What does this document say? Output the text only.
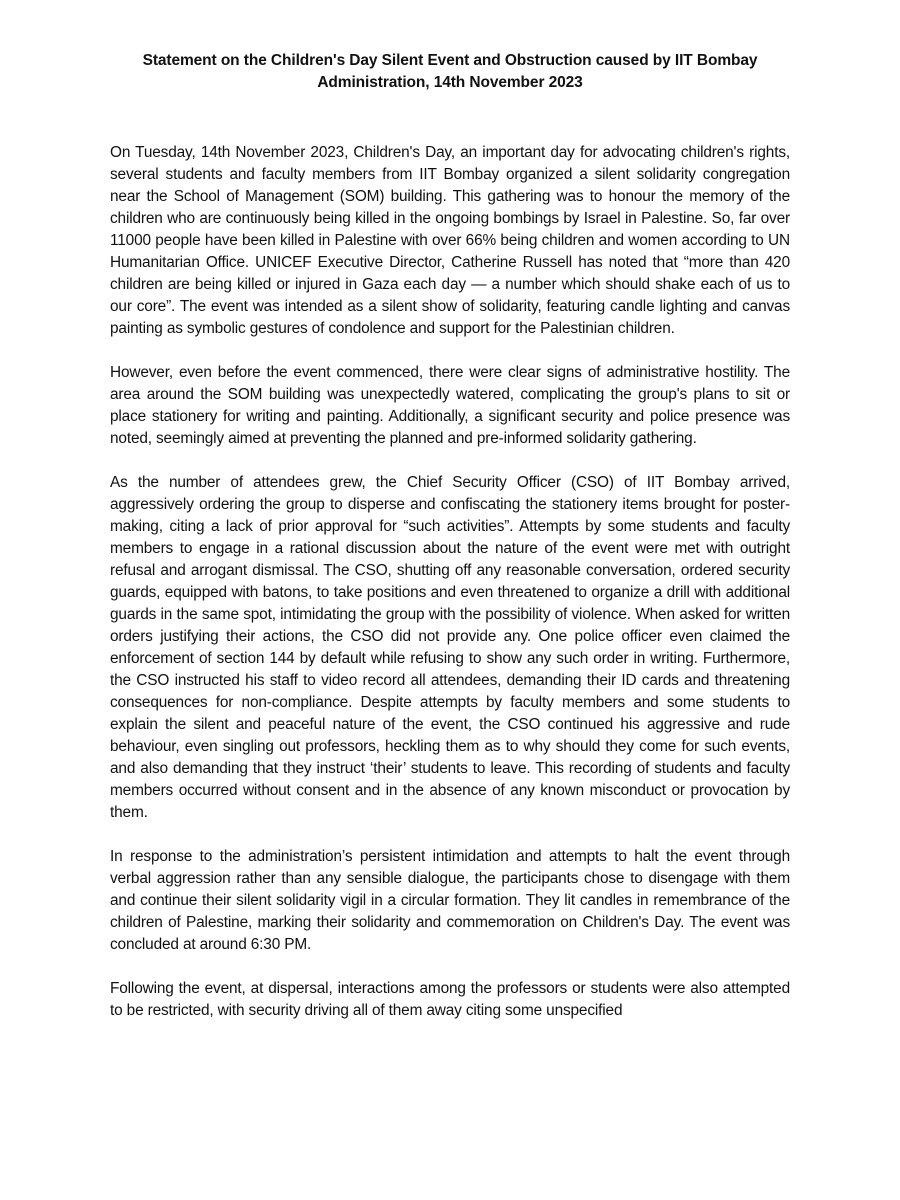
Statement on the Children's Day Silent Event and Obstruction caused by IIT Bombay
Administration, 14th November 2023

On Tuesday, 14th November 2023, Children's Day, an important day for advocating children's rights, several students and faculty members from IIT Bombay organized a silent solidarity congregation near the School of Management (SOM) building. This gathering was to honour the memory of the children who are continuously being killed in the ongoing bombings by Israel in Palestine. So, far over 11000 people have been killed in Palestine with over 66% being children and women according to UN Humanitarian Office. UNICEF Executive Director, Catherine Russell has noted that “more than 420 children are being killed or injured in Gaza each day — a number which should shake each of us to our core”. The event was intended as a silent show of solidarity, featuring candle lighting and canvas painting as symbolic gestures of condolence and support for the Palestinian children.

However, even before the event commenced, there were clear signs of administrative hostility. The area around the SOM building was unexpectedly watered, complicating the group's plans to sit or place stationery for writing and painting. Additionally, a significant security and police presence was noted, seemingly aimed at preventing the planned and pre-informed solidarity gathering.

As the number of attendees grew, the Chief Security Officer (CSO) of IIT Bombay arrived, aggressively ordering the group to disperse and confiscating the stationery items brought for poster-making, citing a lack of prior approval for “such activities”. Attempts by some students and faculty members to engage in a rational discussion about the nature of the event were met with outright refusal and arrogant dismissal. The CSO, shutting off any reasonable conversation, ordered security guards, equipped with batons, to take positions and even threatened to organize a drill with additional guards in the same spot, intimidating the group with the possibility of violence. When asked for written orders justifying their actions, the CSO did not provide any. One police officer even claimed the enforcement of section 144 by default while refusing to show any such order in writing. Furthermore, the CSO instructed his staff to video record all attendees, demanding their ID cards and threatening consequences for non-compliance. Despite attempts by faculty members and some students to explain the silent and peaceful nature of the event, the CSO continued his aggressive and rude behaviour, even singling out professors, heckling them as to why should they come for such events, and also demanding that they instruct ‘their’ students to leave. This recording of students and faculty members occurred without consent and in the absence of any known misconduct or provocation by them.

In response to the administration’s persistent intimidation and attempts to halt the event through verbal aggression rather than any sensible dialogue, the participants chose to disengage with them and continue their silent solidarity vigil in a circular formation. They lit candles in remembrance of the children of Palestine, marking their solidarity and commemoration on Children's Day. The event was concluded at around 6:30 PM.

Following the event, at dispersal, interactions among the professors or students were also attempted to be restricted, with security driving all of them away citing some unspecified
